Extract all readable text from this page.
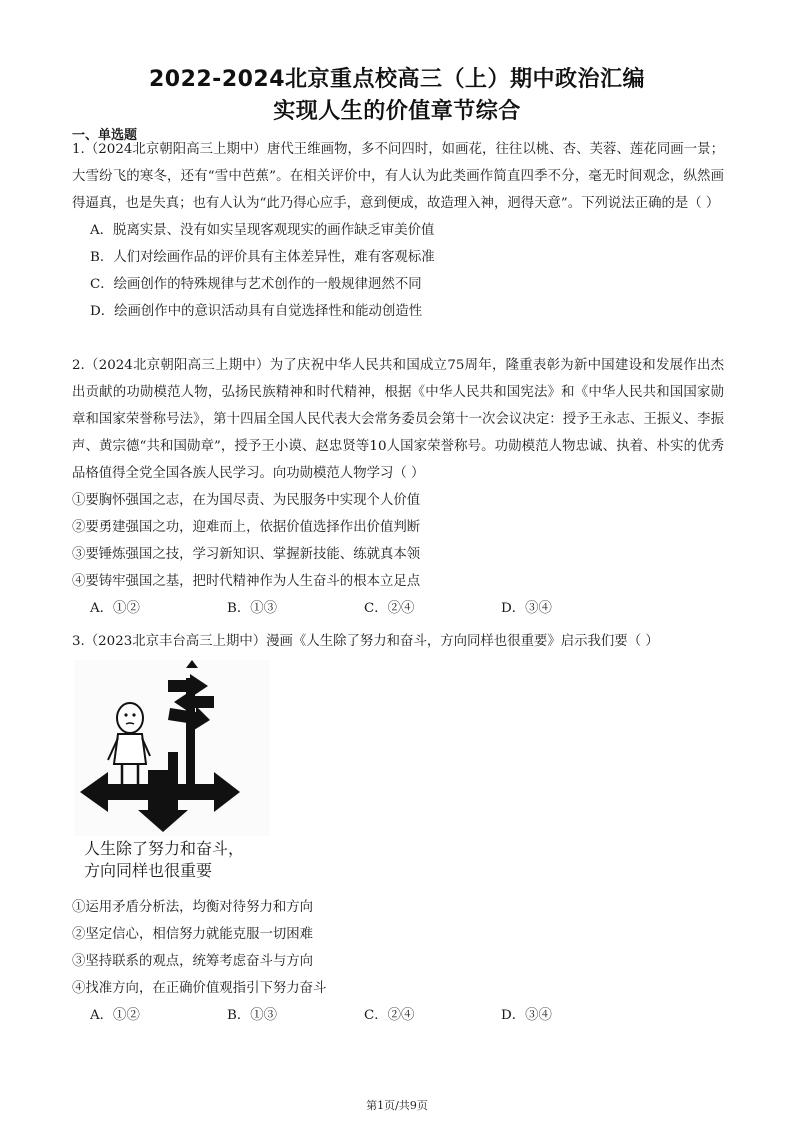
2022-2024北京重点校高三（上）期中政治汇编
实现人生的价值章节综合
一、单选题

1.（2024北京朝阳高三上期中）唐代王维画物，多不问四时，如画花，往往以桃、杏、芙蓉、莲花同画一景；大雪纷飞的寒冬，还有“雪中芭蕉”。在相关评价中，有人认为此类画作简直四季不分，毫无时间观念，纵然画得逼真，也是失真；也有人认为“此乃得心应手，意到便成，故造理入神，迥得天意”。下列说法正确的是（ ）

A．脱离实景、没有如实呈现客观现实的画作缺乏审美价值

B．人们对绘画作品的评价具有主体差异性，难有客观标准

C．绘画创作的特殊规律与艺术创作的一般规律迥然不同

D．绘画创作中的意识活动具有自觉选择性和能动创造性

2.（2024北京朝阳高三上期中）为了庆祝中华人民共和国成立75周年，隆重表彰为新中国建设和发展作出杰出贡献的功勋模范人物，弘扬民族精神和时代精神，根据《中华人民共和国宪法》和《中华人民共和国国家勋章和国家荣誉称号法》，第十四届全国人民代表大会常务委员会第十一次会议决定：授予王永志、王振义、李振声、黄宗德“共和国勋章”，授予王小谟、赵忠贤等10人国家荣誉称号。功勋模范人物忠诚、执着、朴实的优秀品格值得全党全国各族人民学习。向功勋模范人物学习（ ）

①要胸怀强国之志，在为国尽责、为民服务中实现个人价值

②要勇建强国之功，迎难而上，依据价值选择作出价值判断

③要锤炼强国之技，学习新知识、掌握新技能、练就真本领

④要铸牢强国之基，把时代精神作为人生奋斗的根本立足点

A．①②	B．①③	C．②④	D．③④

3.（2023北京丰台高三上期中）漫画《人生除了努力和奋斗，方向同样也很重要》启示我们要（ ）

人生除了努力和奋斗，
方向同样也很重要

①运用矛盾分析法，均衡对待努力和方向

②坚定信心，相信努力就能克服一切困难

③坚持联系的观点，统筹考虑奋斗与方向

④找准方向，在正确价值观指引下努力奋斗

A．①②	B．①③	C．②④	D．③④
第1页/共9页
